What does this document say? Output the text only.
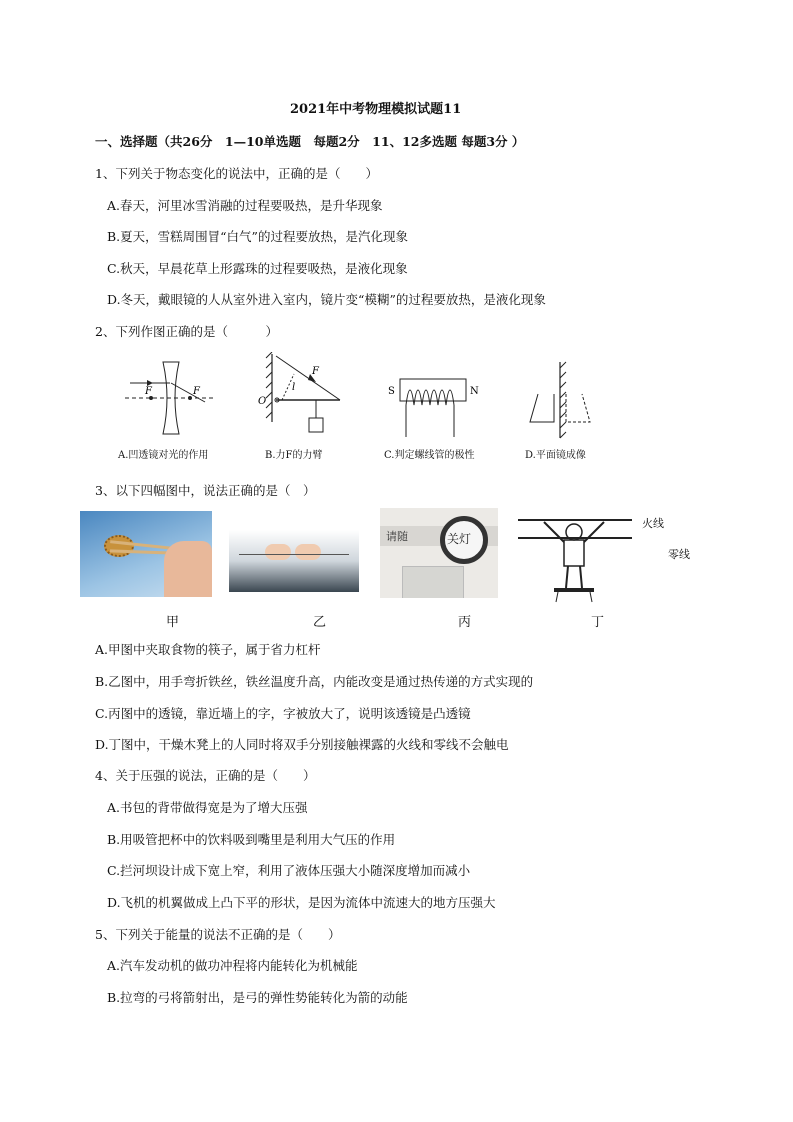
2021年中考物理模拟试题11
一、选择题（共26分　1—10单选题　每题2分　11、12多选题 每题3分 ）
1、下列关于物态变化的说法中，正确的是（　　）
A.春天，河里冰雪消融的过程要吸热，是升华现象
B.夏天，雪糕周围冒“白气”的过程要放热，是汽化现象
C.秋天，早晨花草上形露珠的过程要吸热，是液化现象
D.冬天，戴眼镜的人从室外进入室内，镜片变“模糊”的过程要放热，是液化现象
2、下列作图正确的是（　　　）
F	F
A.凹透镜对光的作用
F
O
l
B.力F的力臂
S	N
C.判定螺线管的极性	D.平面镜成像
3、以下四幅图中，说法正确的是（　）
甲	乙
请随	关灯
丙
火线
零线
丁
A.甲图中夹取食物的筷子，属于省力杠杆
B.乙图中，用手弯折铁丝，铁丝温度升高，内能改变是通过热传递的方式实现的
C.丙图中的透镜，靠近墙上的字，字被放大了，说明该透镜是凸透镜
D.丁图中，干燥木凳上的人同时将双手分别接触裸露的火线和零线不会触电
4、关于压强的说法，正确的是（　　）
A.书包的背带做得宽是为了增大压强
B.用吸管把杯中的饮料吸到嘴里是利用大气压的作用
C.拦河坝设计成下宽上窄，利用了液体压强大小随深度增加而减小
D.飞机的机翼做成上凸下平的形状，是因为流体中流速大的地方压强大
5、下列关于能量的说法不正确的是（　　）
A.汽车发动机的做功冲程将内能转化为机械能
B.拉弯的弓将箭射出，是弓的弹性势能转化为箭的动能
